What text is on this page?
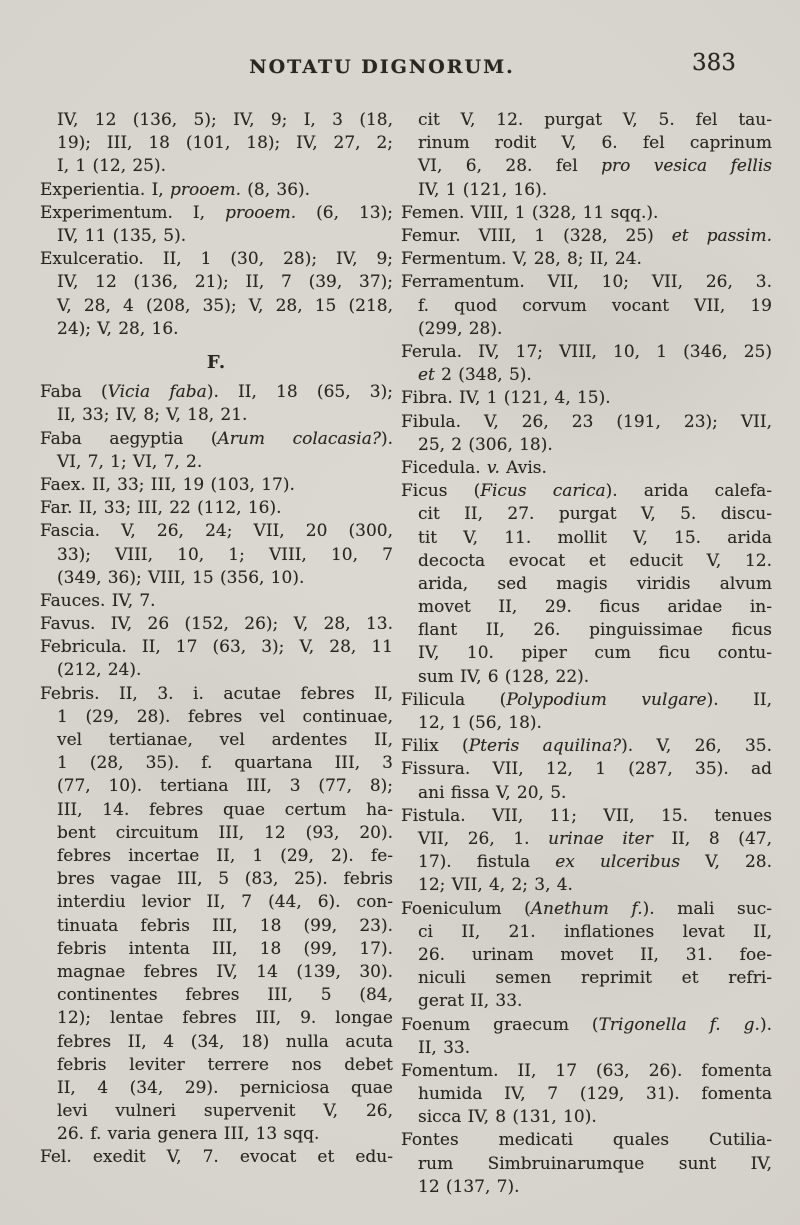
NOTATU DIGNORUM.	383
IV, 12 (136, 5); IV, 9; I, 3 (18,
19); III, 18 (101, 18); IV, 27, 2;
I, 1 (12, 25).
Experientia. I, prooem. (8, 36).
Experimentum. I, prooem. (6, 13);
IV, 11 (135, 5).
Exulceratio. II, 1 (30, 28); IV, 9;
IV, 12 (136, 21); II, 7 (39, 37);
V, 28, 4 (208, 35); V, 28, 15 (218,
24); V, 28, 16.
F.
Faba (Vicia faba). II, 18 (65, 3);
II, 33; IV, 8; V, 18, 21.
Faba aegyptia (Arum colacasia?).
VI, 7, 1; VI, 7, 2.
Faex. II, 33; III, 19 (103, 17).
Far. II, 33; III, 22 (112, 16).
Fascia. V, 26, 24; VII, 20 (300,
33); VIII, 10, 1; VIII, 10, 7
(349, 36); VIII, 15 (356, 10).
Fauces. IV, 7.
Favus. IV, 26 (152, 26); V, 28, 13.
Febricula. II, 17 (63, 3); V, 28, 11
(212, 24).
Febris. II, 3. i. acutae febres II,
1 (29, 28). febres vel continuae,
vel tertianae, vel ardentes II,
1 (28, 35). f. quartana III, 3
(77, 10). tertiana III, 3 (77, 8);
III, 14. febres quae certum ha-
bent circuitum III, 12 (93, 20).
febres incertae II, 1 (29, 2). fe-
bres vagae III, 5 (83, 25). febris
interdiu levior II, 7 (44, 6). con-
tinuata febris III, 18 (99, 23).
febris intenta III, 18 (99, 17).
magnae febres IV, 14 (139, 30).
continentes febres III, 5 (84,
12); lentae febres III, 9. longae
febres II, 4 (34, 18) nulla acuta
febris leviter terrere nos debet
II, 4 (34, 29). perniciosa quae
levi vulneri supervenit V, 26,
26. f. varia genera III, 13 sqq.
Fel. exedit V, 7. evocat et edu-
cit V, 12. purgat V, 5. fel tau-
rinum rodit V, 6. fel caprinum
VI, 6, 28. fel pro vesica fellis
IV, 1 (121, 16).
Femen. VIII, 1 (328, 11 sqq.).
Femur. VIII, 1 (328, 25) et passim.
Fermentum. V, 28, 8; II, 24.
Ferramentum. VII, 10; VII, 26, 3.
f. quod corvum vocant VII, 19
(299, 28).
Ferula. IV, 17; VIII, 10, 1 (346, 25)
et 2 (348, 5).
Fibra. IV, 1 (121, 4, 15).
Fibula. V, 26, 23 (191, 23); VII,
25, 2 (306, 18).
Ficedula. v. Avis.
Ficus (Ficus carica). arida calefa-
cit II, 27. purgat V, 5. discu-
tit V, 11. mollit V, 15. arida
decocta evocat et educit V, 12.
arida, sed magis viridis alvum
movet II, 29. ficus aridae in-
flant II, 26. pinguissimae ficus
IV, 10. piper cum ficu contu-
sum IV, 6 (128, 22).
Filicula (Polypodium vulgare). II,
12, 1 (56, 18).
Filix (Pteris aquilina?). V, 26, 35.
Fissura. VII, 12, 1 (287, 35). ad
ani fissa V, 20, 5.
Fistula. VII, 11; VII, 15. tenues
VII, 26, 1. urinae iter II, 8 (47,
17). fistula ex ulceribus V, 28.
12; VII, 4, 2; 3, 4.
Foeniculum (Anethum f.). mali suc-
ci II, 21. inflationes levat II,
26. urinam movet II, 31. foe-
niculi semen reprimit et refri-
gerat II, 33.
Foenum graecum (Trigonella f. g.).
II, 33.
Fomentum. II, 17 (63, 26). fomenta
humida IV, 7 (129, 31). fomenta
sicca IV, 8 (131, 10).
Fontes medicati quales Cutilia-
rum Simbruinarumque sunt IV,
12 (137, 7).
